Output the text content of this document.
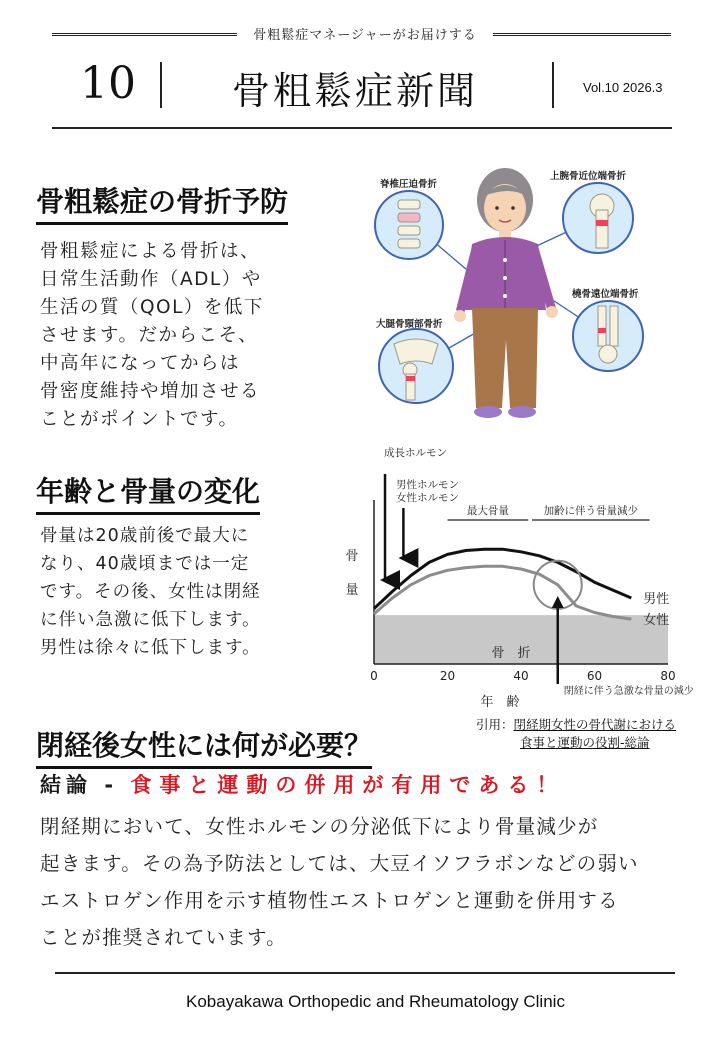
骨粗鬆症マネージャーがお届けする
10	骨粗鬆症新聞	Vol.10 2026.3
骨粗鬆症の骨折予防
骨粗鬆症による骨折は、
日常生活動作（ADL）や
生活の質（QOL）を低下
させます。だからこそ、
中高年になってからは
骨密度維持や増加させる
ことがポイントです。
脊椎圧迫骨折
上腕骨近位端骨折
橈骨遠位端骨折
大腿骨頸部骨折
年齢と骨量の変化
骨量は20歳前後で最大に
なり、40歳頃までは一定
です。その後、女性は閉経
に伴い急激に低下します。
男性は徐々に低下します。	骨　折
0	20	40	60	80
骨
量
年　齢
男性
女性
成長ホルモン
男性ホルモン
女性ホルモン
最大骨量	加齢に伴う骨量減少
閉経に伴う急激な骨量の減少
引用：閉経期女性の骨代謝における
食事と運動の役割-総論
閉経後女性には何が必要？
結論 - 食事と運動の併用が有用である！
閉経期において、女性ホルモンの分泌低下により骨量減少が
起きます。その為予防法としては、大豆イソフラボンなどの弱い
エストロゲン作用を示す植物性エストロゲンと運動を併用する
ことが推奨されています。
Kobayakawa Orthopedic and Rheumatology Clinic
